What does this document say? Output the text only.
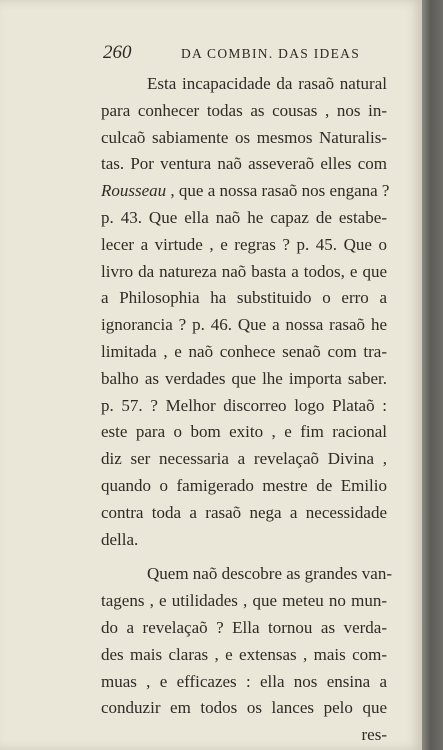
260	DA COMBIN. DAS IDEAS
Esta incapacidade da rasaõ natural
para conhecer todas as cousas , nos in-
culcaõ sabiamente os mesmos Naturalis-
tas. Por ventura naõ asseveraõ elles com
Rousseau , que a nossa rasaõ nos engana ?
p. 43. Que ella naõ he capaz de estabe-
lecer a virtude , e regras ? p. 45. Que o
livro da natureza naõ basta a todos, e que
a Philosophia ha substituido o erro a
ignorancia ? p. 46. Que a nossa rasaõ he
limitada , e naõ conhece senaõ com tra-
balho as verdades que lhe importa saber.
p. 57. ? Melhor discorreo logo Plataõ :
este para o bom exito , e fim racional
diz ser necessaria a revelaçaõ Divina ,
quando o famigerado mestre de Emilio
contra toda a rasaõ nega a necessidade
della.
Quem naõ descobre as grandes van-
tagens , e utilidades , que meteu no mun-
do a revelaçaõ ? Ella tornou as verda-
des mais claras , e extensas , mais com-
muas , e efficazes : ella nos ensina a
conduzir em todos os lances pelo que
res-
